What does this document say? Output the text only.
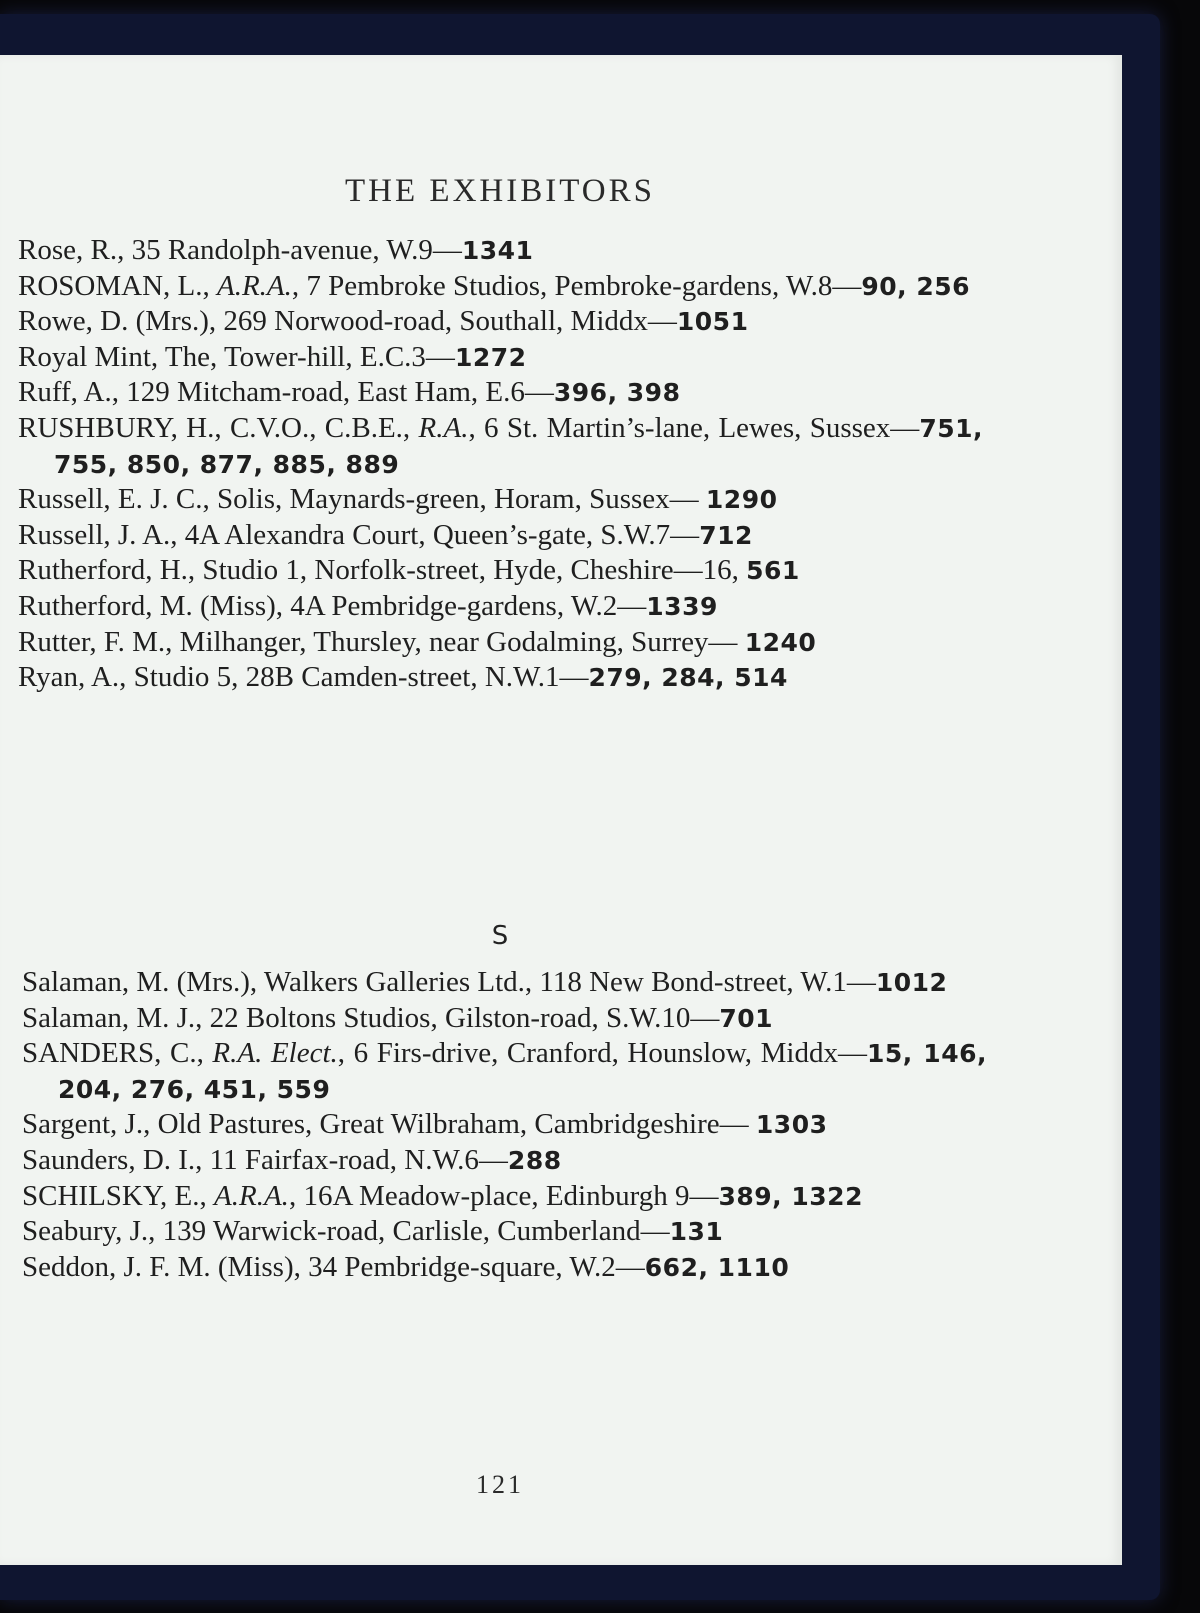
THE EXHIBITORS

Rose, R., 35 Randolph-avenue, W.9—1341

ROSOMAN, L., A.R.A., 7 Pembroke Studios, Pembroke-gardens, W.8—90, 256

Rowe, D. (Mrs.), 269 Norwood-road, Southall, Middx—1051

Royal Mint, The, Tower-hill, E.C.3—1272

Ruff, A., 129 Mitcham-road, East Ham, E.6—396, 398

RUSHBURY, H., C.V.O., C.B.E., R.A., 6 St. Martin’s-lane, Lewes, Sussex—751, 755, 850, 877, 885, 889

Russell, E. J. C., Solis, Maynards-green, Horam, Sussex— 1290

Russell, J. A., 4A Alexandra Court, Queen’s-gate, S.W.7—712

Rutherford, H., Studio 1, Norfolk-street, Hyde, Cheshire—16, 561

Rutherford, M. (Miss), 4A Pembridge-gardens, W.2—1339

Rutter, F. M., Milhanger, Thursley, near Godalming, Surrey— 1240

Ryan, A., Studio 5, 28B Camden-street, N.W.1—279, 284, 514

S

Salaman, M. (Mrs.), Walkers Galleries Ltd., 118 New Bond-street, W.1—1012

Salaman, M. J., 22 Boltons Studios, Gilston-road, S.W.10—701

SANDERS, C., R.A. Elect., 6 Firs-drive, Cranford, Hounslow, Middx—15, 146, 204, 276, 451, 559

Sargent, J., Old Pastures, Great Wilbraham, Cambridgeshire— 1303

Saunders, D. I., 11 Fairfax-road, N.W.6—288

SCHILSKY, E., A.R.A., 16A Meadow-place, Edinburgh 9—389, 1322

Seabury, J., 139 Warwick-road, Carlisle, Cumberland—131

Seddon, J. F. M. (Miss), 34 Pembridge-square, W.2—662, 1110

121
